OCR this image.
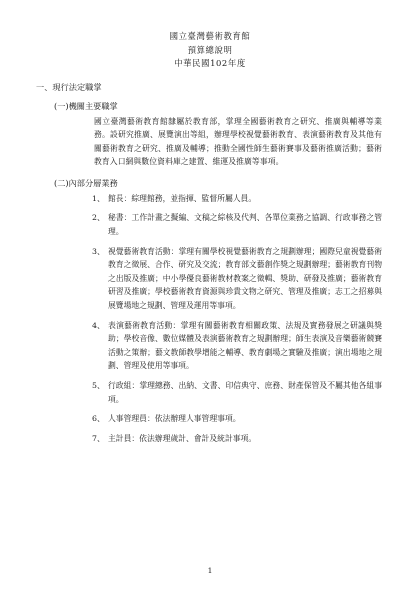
國立臺灣藝術教育館
預算總說明
中華民國102年度
一、現行法定職掌
(一)機關主要職掌
國立臺灣藝術教育館隸屬於教育部，掌理全國藝術教育之研究、推廣與輔導等業務。設研究推廣、展覽演出等組，辦理學校視覺藝術教育、表演藝術教育及其他有關藝術教育之研究、推廣及輔導；推動全國性師生藝術賽事及藝術推廣活動；藝術教育入口網與數位資料庫之建置、維運及推廣等事項。
(二)內部分層業務
1、 館長：綜理館務，並指揮、監督所屬人員。
2、 秘書：工作計畫之擬編、文稿之綜核及代判、各單位業務之協調、行政事務之管理。
3、 視覺藝術教育活動：掌理有關學校視覺藝術教育之規劃辦理；國際兒童視覺藝術教育之徵展、合作、研究及交流；教育部文藝創作獎之規劃辦理；藝術教育刊物之出版及推廣；中小學優良藝術教材教案之徵輯、獎助、研發及推廣；藝術教育研習及推廣；學校藝術教育資源與珍貴文物之研究、管理及推廣；志工之招募與展覽場地之規劃、管理及運用等事項。
4、 表演藝術教育活動：掌理有關藝術教育相關政策、法規及實務發展之研議與獎助；學校音像、數位媒體及表演藝術教育之規劃辦理；師生表演及音樂藝術競賽活動之策辦；藝文教師教學增能之輔導、教育劇場之實驗及推廣；演出場地之規劃、管理及使用等事項。
5、 行政組：掌理總務、出納、文書、印信典守、庶務、財產保管及不屬其他各組事項。
6、 人事管理員：依法辦理人事管理事項。
7、 主計員：依法辦理歲計、會計及統計事項。
1
